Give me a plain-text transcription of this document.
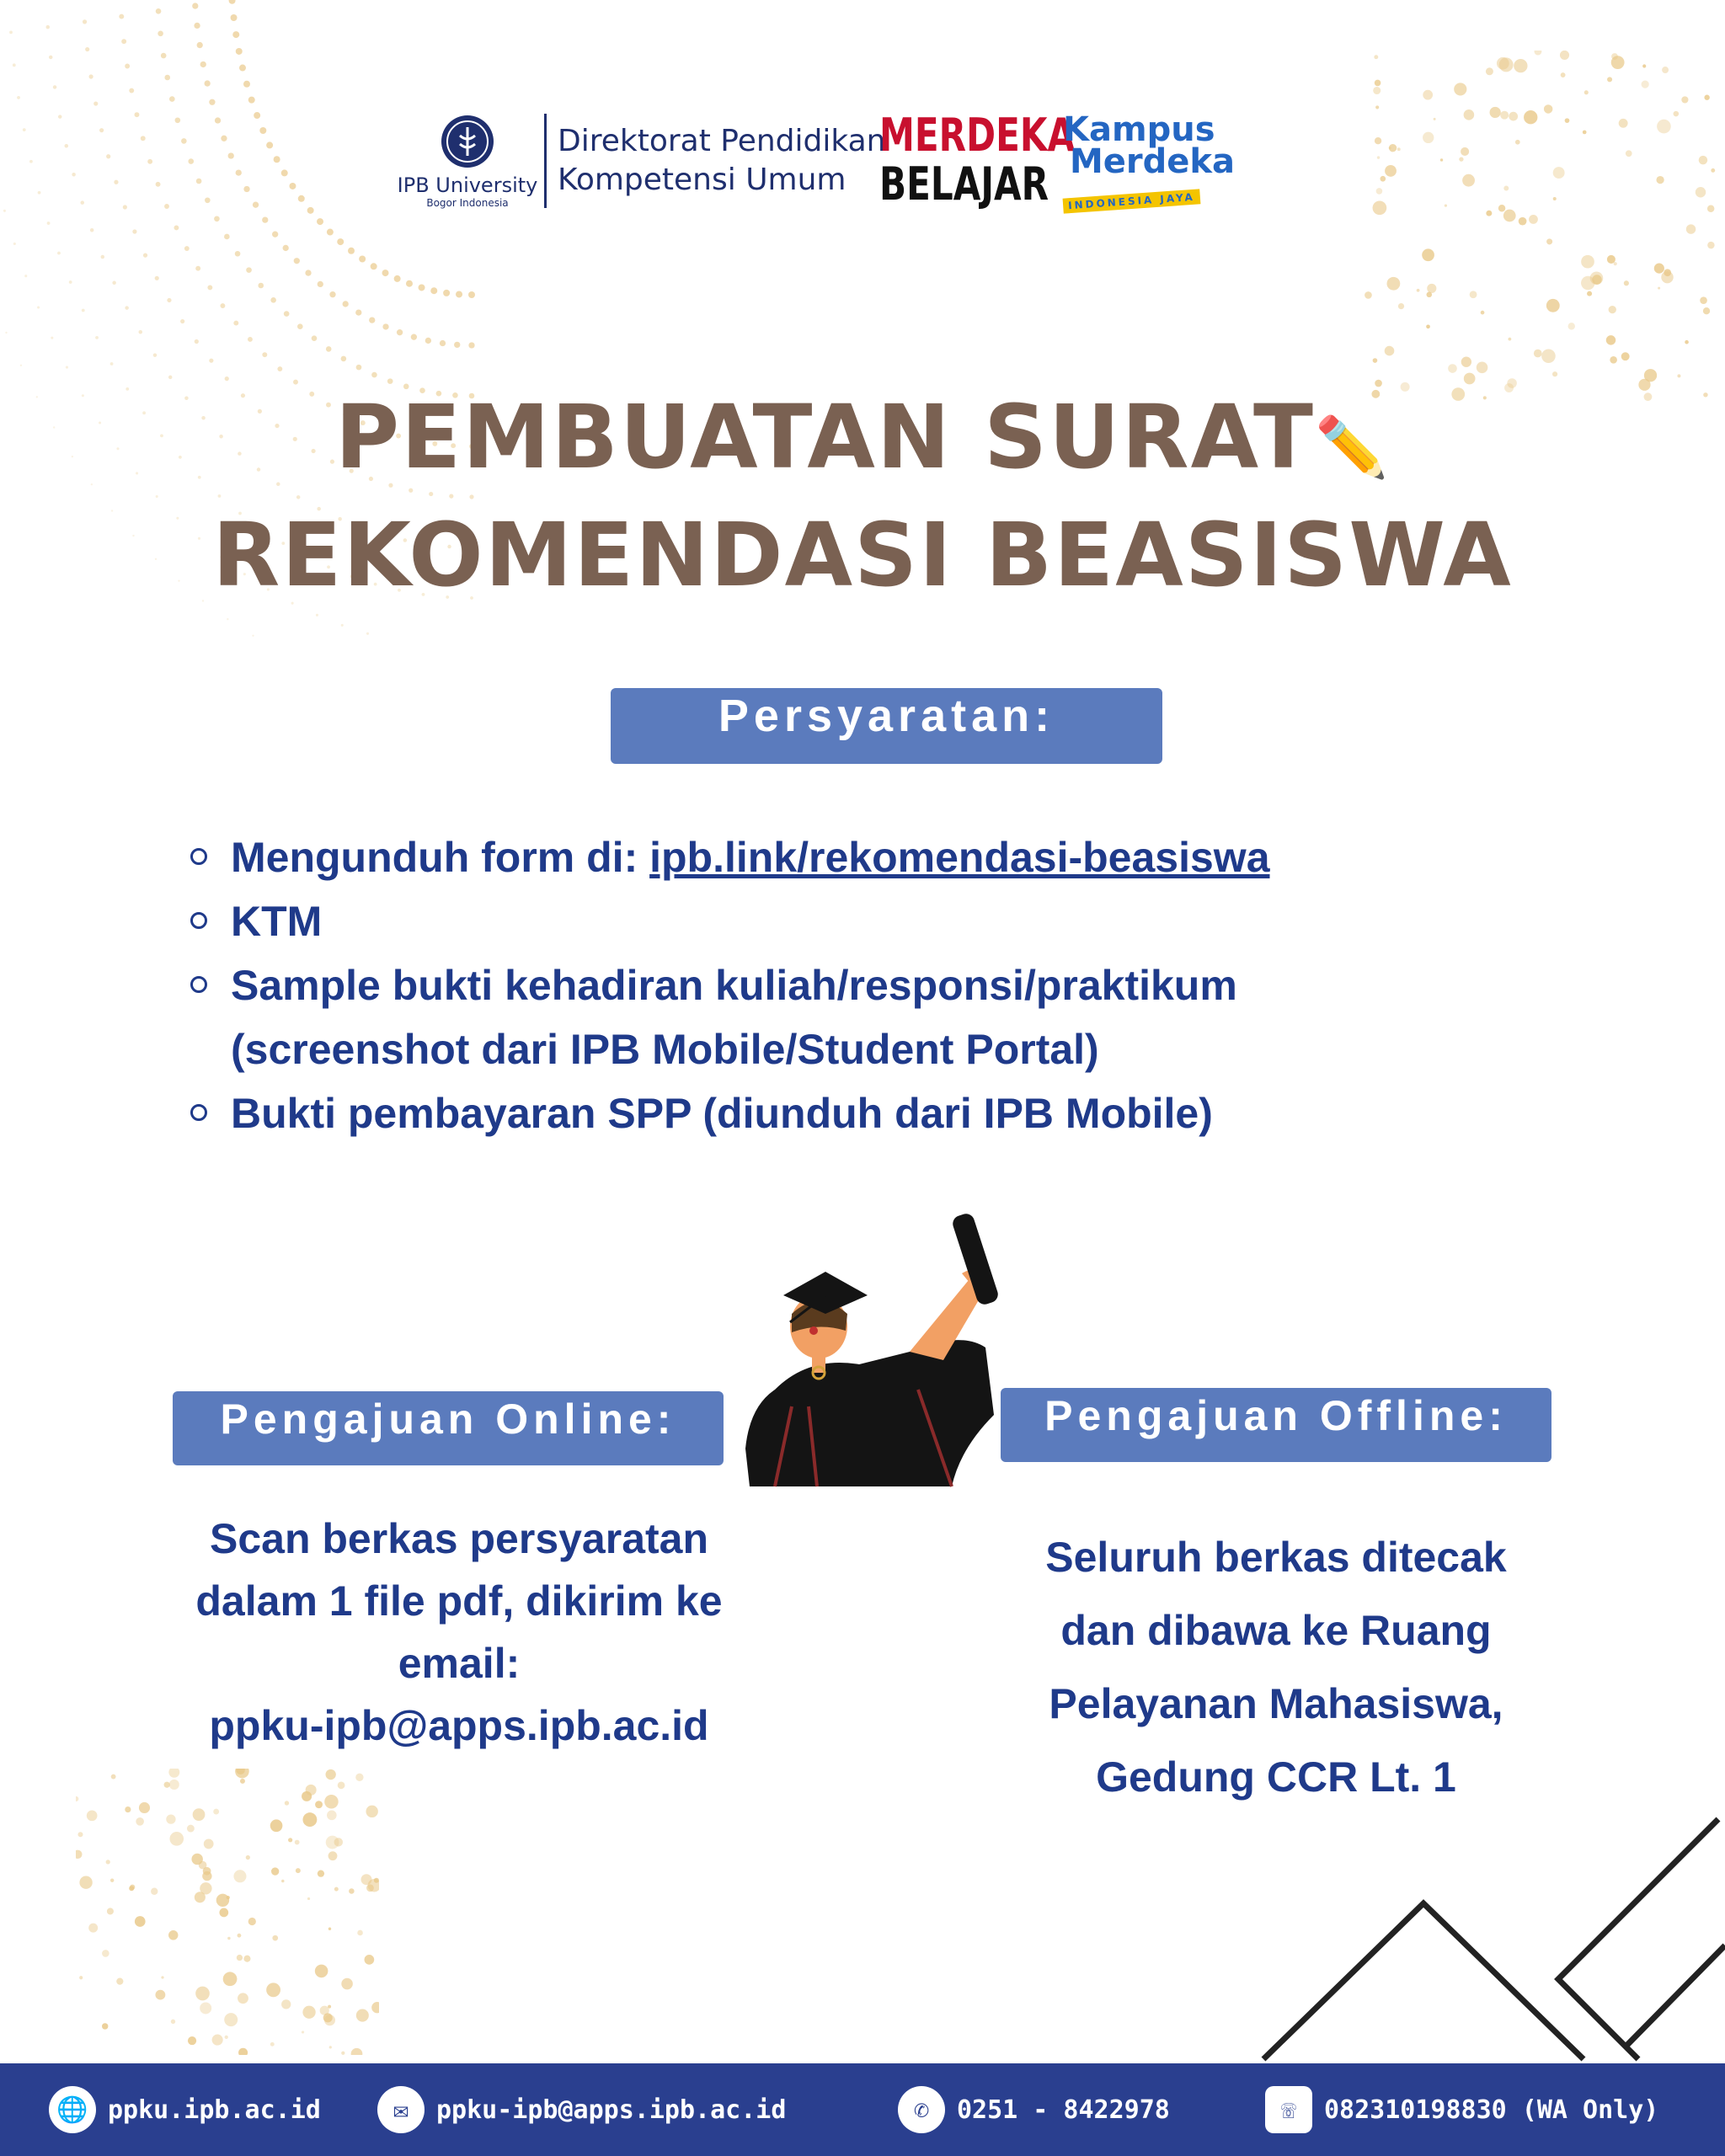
IPB University
Bogor Indonesia
Direktorat Pendidikan
Kompetensi Umum
MERDEKA
BELAJAR
Kampus
Merdeka
INDONESIA JAYA
PEMBUATAN SURAT✏️
REKOMENDASI BEASISWA
Persyaratan:
Mengunduh form di: ipb.link/rekomendasi-beasiswa
KTM
Sample bukti kehadiran kuliah/responsi/praktikum
(screenshot dari IPB Mobile/Student Portal)
Bukti pembayaran SPP (diunduh dari IPB Mobile)
Pengajuan Online:
Scan berkas persyaratan
dalam 1 file pdf, dikirim ke
email:
ppku-ipb@apps.ipb.ac.id
Pengajuan Offline:
Seluruh berkas ditecak
dan dibawa ke Ruang
Pelayanan Mahasiswa,
Gedung CCR Lt. 1
🌐 ppku.ipb.ac.id	✉	ppku-ipb@apps.ipb.ac.id	✆	0251 - 8422978	☏	082310198830 (WA Only)
